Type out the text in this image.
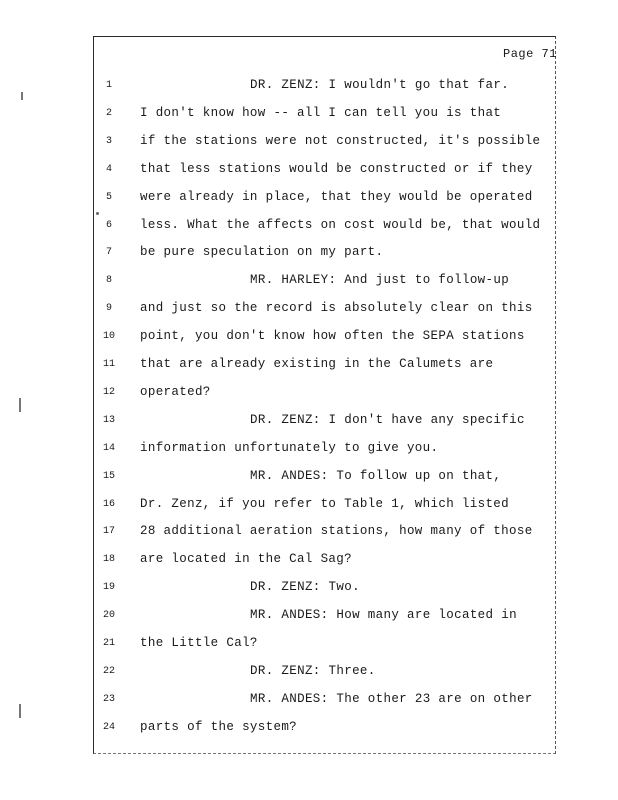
Page 71
1	DR. ZENZ: I wouldn't go that far.
2	I don't know how -- all I can tell you is that
3	if the stations were not constructed, it's possible
4	that less stations would be constructed or if they
5	were already in place, that they would be operated
6	less. What the affects on cost would be, that would
7	be pure speculation on my part.
8	MR. HARLEY: And just to follow-up
9	and just so the record is absolutely clear on this
10	point, you don't know how often the SEPA stations
11	that are already existing in the Calumets are
12	operated?
13	DR. ZENZ: I don't have any specific
14	information unfortunately to give you.
15	MR. ANDES: To follow up on that,
16	Dr. Zenz, if you refer to Table 1, which listed
17	28 additional aeration stations, how many of those
18	are located in the Cal Sag?
19	DR. ZENZ: Two.
20	MR. ANDES: How many are located in
21	the Little Cal?
22	DR. ZENZ: Three.
23	MR. ANDES: The other 23 are on other
24	parts of the system?
